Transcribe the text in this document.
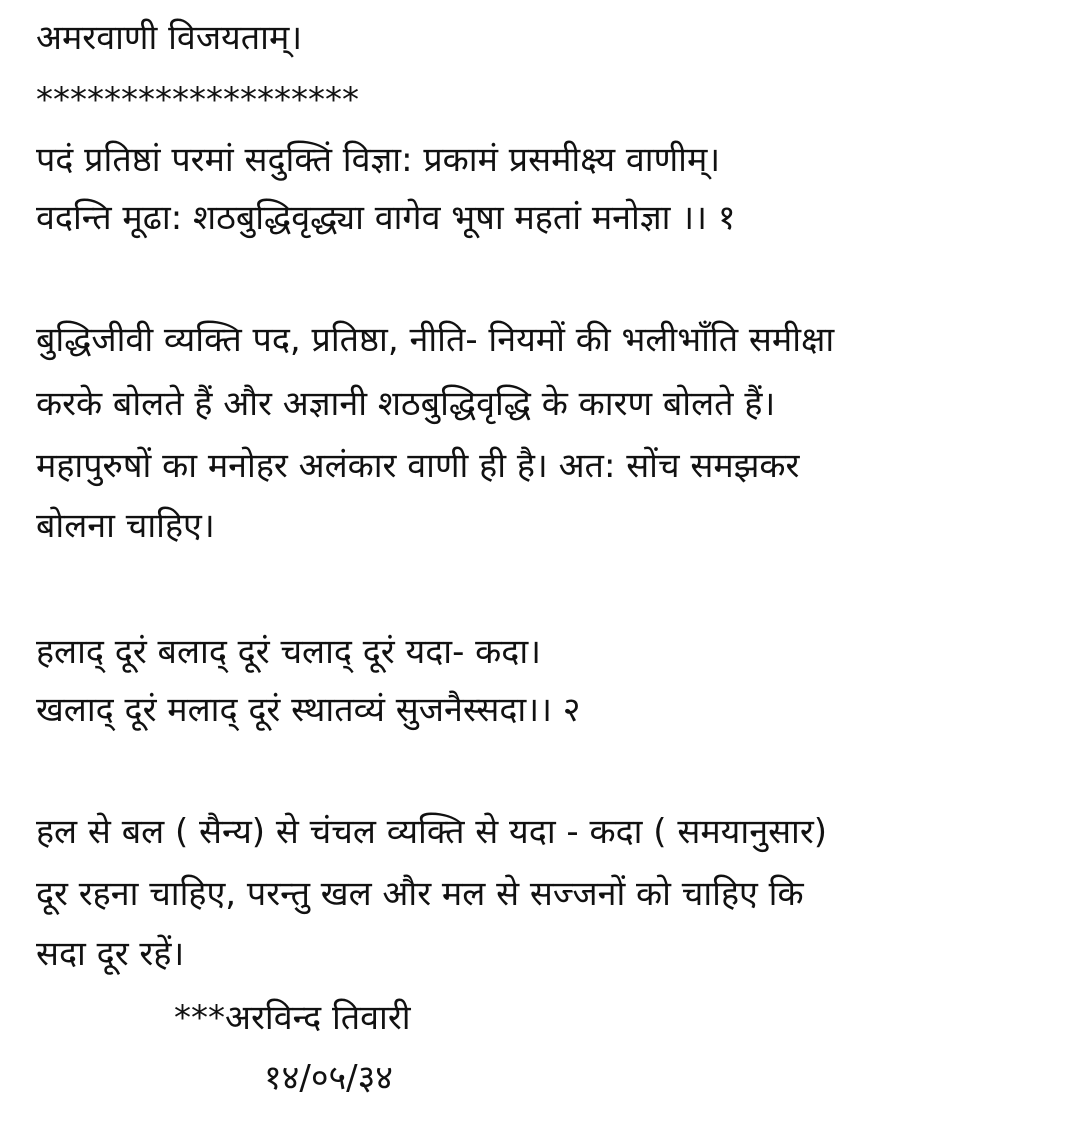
अमरवाणी विजयताम्।
*******************
पदं प्रतिष्ठां परमां सदुक्तिं विज्ञा: प्रकामं प्रसमीक्ष्य वाणीम्।
वदन्ति मूढा: शठबुद्धिवृद्ध्या वागेव भूषा महतां मनोज्ञा ।। १
बुद्धिजीवी व्यक्ति पद, प्रतिष्ठा, नीति- नियमों की भलीभाँति समीक्षा
करके बोलते हैं और अज्ञानी शठबुद्धिवृद्धि के कारण बोलते हैं।
महापुरुषों का मनोहर अलंकार वाणी ही है। अत: सोंच समझकर
बोलना चाहिए।
हलाद् दूरं बलाद् दूरं चलाद् दूरं यदा- कदा।
खलाद् दूरं मलाद् दूरं स्थातव्यं सुजनैस्सदा।। २
हल से बल ( सैन्य) से चंचल व्यक्ति से यदा - कदा ( समयानुसार)
दूर रहना चाहिए, परन्तु खल और मल से सज्जनों को चाहिए कि
सदा दूर रहें।
***अरविन्द तिवारी
१४/०५/३४
